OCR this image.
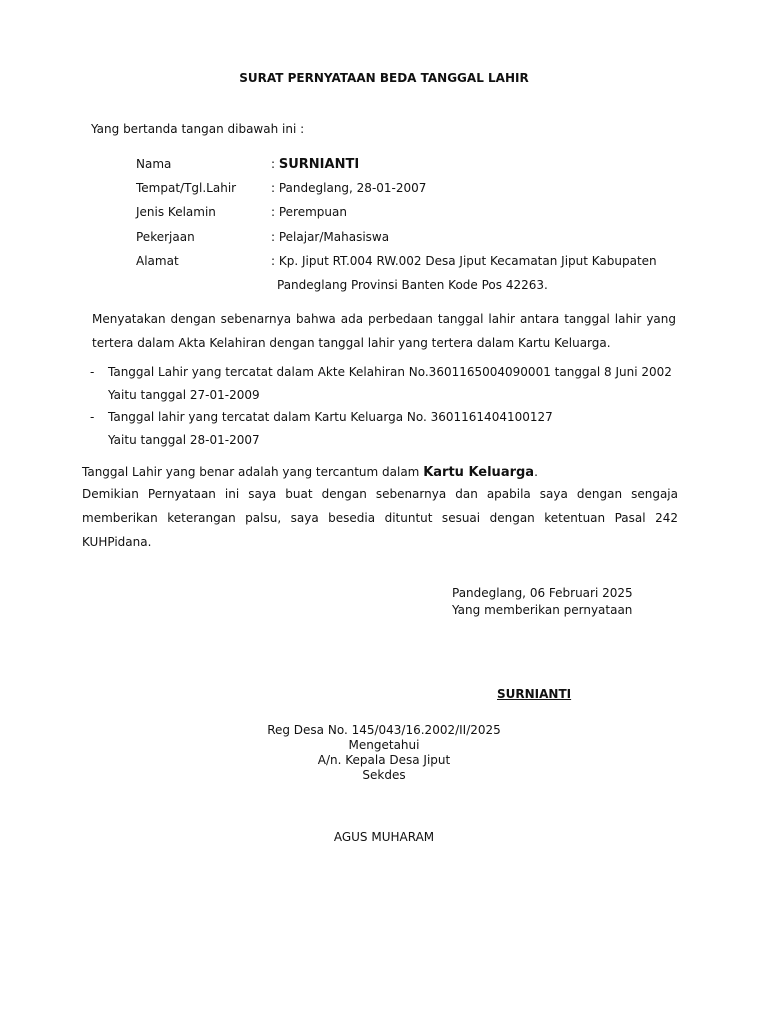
SURAT PERNYATAAN BEDA TANGGAL LAHIR
Yang bertanda tangan dibawah ini :
Nama	: SURNIANTI
Tempat/Tgl.Lahir	: Pandeglang, 28-01-2007
Jenis Kelamin	: Perempuan
Pekerjaan	: Pelajar/Mahasiswa
Alamat	: Kp. Jiput RT.004 RW.002 Desa Jiput Kecamatan Jiput Kabupaten
Pandeglang Provinsi Banten Kode Pos 42263.
Menyatakan dengan sebenarnya bahwa ada perbedaan tanggal lahir antara tanggal lahir yang tertera dalam Akta Kelahiran dengan tanggal lahir yang tertera dalam Kartu Keluarga.
- Tanggal Lahir yang tercatat dalam Akte Kelahiran No.3601165004090001 tanggal 8 Juni 2002
Yaitu tanggal 27-01-2009
- Tanggal lahir yang tercatat dalam Kartu Keluarga No. 3601161404100127
Yaitu tanggal 28-01-2007
Tanggal Lahir yang benar adalah yang tercantum dalam Kartu Keluarga.
Demikian Pernyataan ini saya buat dengan sebenarnya dan apabila saya dengan sengaja memberikan keterangan palsu, saya besedia dituntut sesuai dengan ketentuan Pasal 242 KUHPidana.
Pandeglang, 06 Februari 2025
Yang memberikan pernyataan
SURNIANTI
Reg Desa No. 145/043/16.2002/II/2025
Mengetahui
A/n. Kepala Desa Jiput
Sekdes
AGUS MUHARAM
